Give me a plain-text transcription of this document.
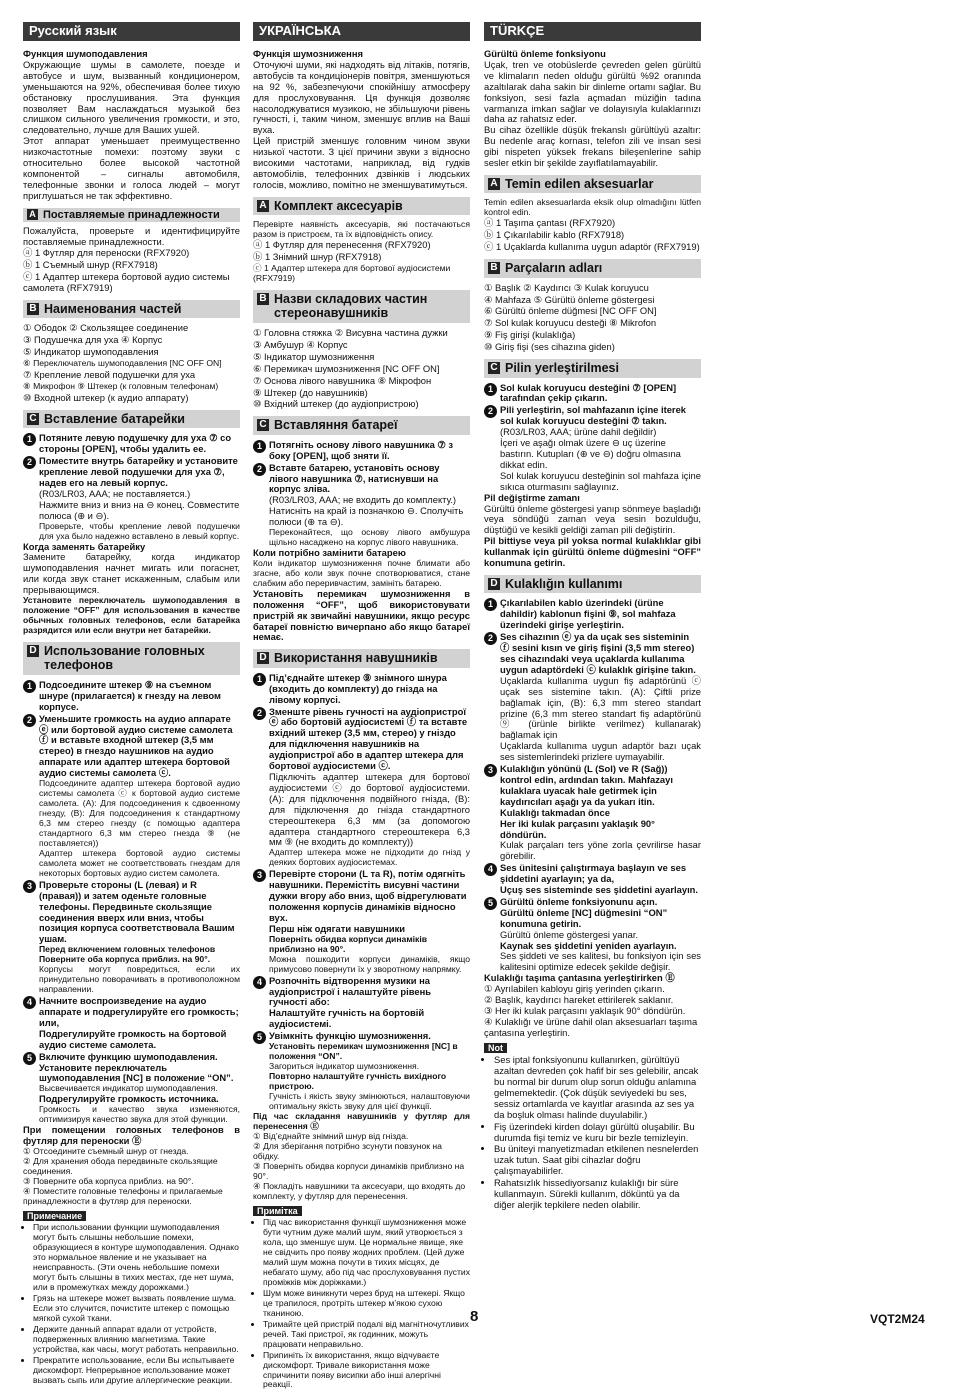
Русский язык

Функция шумоподавления

Окружающие шумы в самолете, поезде и автобусе и шум, вызванный кондиционером, уменьшаются на 92%, обеспечивая более тихую обстановку прослушивания. Эта функция позволяет Вам наслаждаться музыкой без слишком сильного увеличения громкости, и это, следовательно, лучше для Ваших ушей.

Этот аппарат уменьшает преимущественно низкочастотные помехи: поэтому звуки с относительно более высокой частотной компонентой – сигналы автомобиля, телефонные звонки и голоса людей – могут приглушаться не так эффективно.

A Поставляемые принадлежности

Пожалуйста, проверьте и идентифицируйте поставляемые принадлежности.

ⓐ 1 Футляр для переноски (RFX7920)
ⓑ 1 Съемный шнур (RFX7918)
ⓒ 1 Адаптер штекера бортовой аудио системы самолета (RFX7919)
B Наименования частей
① Ободок ② Скользящее соединение
③ Подушечка для уха ④ Корпус
⑤ Индикатор шумоподавления
⑥ Переключатель шумоподавления [NC OFF ON]
⑦ Крепление левой подушечки для уха
⑧ Микрофон ⑨ Штекер (к головным телефонам)
⑩ Входной штекер (к аудио аппарату)
C Вставление батарейки
1 Потяните левую подушечку для уха ⑦ со стороны [OPEN], чтобы удалить ее.
2 Поместите внутрь батарейку и установите крепление левой подушечки для уха ⑦, надев его на левый корпус.
(R03/LR03, AAA; не поставляется.)
Нажмите вниз и вниз на ⊖ конец. Совместите полюса (⊕ и ⊖).

Проверьте, чтобы крепление левой подушечки для уха было надежно вставлено в левый корпус.

Когда заменять батарейку

Замените батарейку, когда индикатор шумоподавления начнет мигать или погаснет, или когда звук станет искаженным, слабым или прерывающимся.

Установите переключатель шумоподавления в положение “OFF” для использования в качестве обычных головных телефонов, если батарейка разрядится или если внутри нет батарейки.

D Использование головных телефонов
1 Подсоедините штекер ⑨ на съемном шнуре (прилагается) к гнезду на левом корпусе.
2 Уменьшите громкость на аудио аппарате ⓔ или бортовой аудио системе самолета ⓕ и вставьте входной штекер (3,5 мм стерео) в гнездо наушников на аудио аппарате или адаптер штекера бортовой аудио системы самолета ⓒ.

Подсоедините адаптер штекера бортовой аудио системы самолета ⓒ к бортовой аудио системе самолета. (A): Для подсоединения к сдвоенному гнезду, (B): Для подсоединения к стандартному 6,3 мм стерео гнезду (с помощью адаптера стандартного 6,3 мм стерео гнезда ⑨ (не поставляется))

Адаптер штекера бортовой аудио системы самолета может не соответствовать гнездам для некоторых бортовых аудио систем самолета.

3 Проверьте стороны (L (левая) и R (правая)) и затем оденьте головные телефоны. Передвиньте скользящие соединения вверх или вниз, чтобы позиция корпуса соответствовала Вашим ушам.
Перед включением головных телефонов
Поверните оба корпуса приблиз. на 90°.

Корпусы могут повредиться, если их принудительно поворачивать в противоположном направлении.

4 Начните воспроизведение на аудио аппарате и подрегулируйте его громкость; или,
Подрегулируйте громкость на бортовой аудио системе самолета.
5 Включите функцию шумоподавления.
Установите переключатель шумоподавления [NC] в положение “ON”.
Высвечивается индикатор шумоподавления.
Подрегулируйте громкость источника.

Громкость и качество звука изменяются, оптимизируя качество звука для этой функции.

При помещении головных телефонов в футляр для переноски Ⓔ

① Отсоедините съемный шнур от гнезда.
② Для хранения обода передвиньте скользящие соединения.
③ Поверните оба корпуса приблиз. на 90°.
④ Поместите головные телефоны и прилагаемые принадлежности в футляр для переноски.
Примечание
• При использовании функции шумоподавления могут быть слышны небольшие помехи, образующиеся в контуре шумоподавления. Однако это нормальное явление и не указывает на неисправность. (Эти очень небольшие помехи могут быть слышны в тихих местах, где нет шума, или в промежутках между дорожками.)
• Грязь на штекере может вызвать появление шума. Если это случится, почистите штекер с помощью мягкой сухой ткани.
• Держите данный аппарат вдали от устройств, подверженных влиянию магнетизма. Такие устройства, как часы, могут работать неправильно.
• Прекратите использование, если Вы испытываете дискомфорт. Непрерывное использование может вызвать сыпь или другие аллергические реакции.
УКРАЇНСЬКА

Функція шумозниження

Оточуючі шуми, які надходять від літаків, потягів, автобусів та кондиціонерів повітря, зменшуються на 92 %, забезпечуючи спокійнішу атмосферу для прослуховування. Ця функція дозволяє насолоджуватися музикою, не збільшуючи рівень гучності, і, таким чином, зменшує вплив на Ваші вуха.

Цей пристрій зменшує головним чином звуки низької частоти. З цієї причини звуки з відносно високими частотами, наприклад, від гудків автомобілів, телефонних дзвінків і людських голосів, можливо, помітно не зменшуватимуться.

A Комплект аксесуарів

Перевірте наявність аксесуарів, які постачаються разом із пристроєм, та їх відповідність опису.

ⓐ 1 Футляр для перенесення (RFX7920)
ⓑ 1 Знімний шнур (RFX7918)
ⓒ 1 Адаптер штекера для бортової аудіосистеми (RFX7919)
B Назви складових частин стереонавушників
① Головна стяжка ② Висувна частина дужки
③ Амбушур ④ Корпус
⑤ Індикатор шумозниження
⑥ Перемикач шумозниження [NC OFF ON]
⑦ Основа лівого навушника ⑧ Мікрофон
⑨ Штекер (до навушників)
⑩ Вхідний штекер (до аудіопристрою)
C Вставляння батареї
1 Потягніть основу лівого навушника ⑦ з боку [OPEN], щоб зняти її.
2 Вставте батарею, установіть основу лівого навушника ⑦, натиснувши на корпус зліва.
(R03/LR03, AAA; не входить до комплекту.)
Натисніть на край із позначкою ⊖. Сполучіть полюси (⊕ та ⊖).

Переконайтеся, що основу лівого амбушура щільно насаджено на корпус лівого навушника.

Коли потрібно замінити батарею

Коли індикатор шумозниження почне блимати або згасне, або коли звук почне спотворюватися, стане слабким або переривчастим, замініть батарею.

Установіть перемикач шумозниження в положення “OFF”, щоб використовувати пристрій як звичайні навушники, якщо ресурс батареї повністю вичерпано або якщо батареї немає.

D Використання навушників
1 Під’єднайте штекер ⑨ знімного шнура (входить до комплекту) до гнізда на лівому корпусі.
2 Зменште рівень гучності на аудіопристрої ⓔ або бортовій аудіосистемі ⓕ та вставте вхідний штекер (3,5 мм, стерео) у гніздо для підключення навушників на аудіопристрої або в адаптер штекера для бортової аудіосистеми ⓒ.

Підключіть адаптер штекера для бортової аудіосистеми ⓒ до бортової аудіосистеми. (A): для підключення подвійного гнізда, (B): для підключення до гнізда стандартного стереоштекера 6,3 мм (за допомогою адаптера стандартного стереоштекера 6,3 мм ⑨ (не входить до комплекту))

Адаптер штекера може не підходити до гнізд у деяких бортових аудіосистемах.

3 Перевірте сторони (L та R), потім одягніть навушники. Перемістіть висувні частини дужки вгору або вниз, щоб відрегулювати положення корпусів динаміків відносно вух.
Перш ніж одягати навушники
Поверніть обидва корпуси динаміків приблизно на 90°.

Можна пошкодити корпуси динаміків, якщо примусово повернути їх у зворотному напрямку.

4 Розпочніть відтворення музики на аудіопристрої і налаштуйте рівень гучності або:
Налаштуйте гучність на бортовій аудіосистемі.
5 Увімкніть функцію шумозниження.
Установіть перемикач шумозниження [NC] в положення “ON”.
Загориться індикатор шумозниження.
Повторно налаштуйте гучність вихідного пристрою.

Гучність і якість звуку змінюються, налаштовуючи оптимальну якість звуку для цієї функції.

Під час складання навушників у футляр для перенесення Ⓔ

① Від’єднайте знімний шнур від гнізда.
② Для зберігання потрібно зсунути повзунок на обідку.
③ Поверніть обидва корпуси динаміків приблизно на 90°.
④ Покладіть навушники та аксесуари, що входять до комплекту, у футляр для перенесення.
Примітка
• Під час використання функції шумозниження може бути чутним дуже малий шум, який утворюється з кола, що зменшує шум. Це нормальне явище, яке не свідчить про появу жодних проблем. (Цей дуже малий шум можна почути в тихих місцях, де небагато шуму, або під час прослуховування пустих проміжків між доріжками.)
• Шум може виникнути через бруд на штекері. Якщо це трапилося, протріть штекер м’якою сухою тканиною.
• Тримайте цей пристрій подалі від магнітночутливих речей. Такі пристрої, як годинник, можуть працювати неправильно.
• Припиніть їх використання, якщо відчуваєте дискомфорт. Тривале використання може спричинити появу висипки або інші алергічні реакції.
TÜRKÇE

Gürültü önleme fonksiyonu

Uçak, tren ve otobüslerde çevreden gelen gürültü ve klimaların neden olduğu gürültü %92 oranında azaltılarak daha sakin bir dinleme ortamı sağlar. Bu fonksiyon, sesi fazla açmadan müziğin tadına varmanıza imkan sağlar ve dolayısıyla kulaklarınızı daha az rahatsız eder.

Bu cihaz özellikle düşük frekanslı gürültüyü azaltır: Bu nedenle araç kornası, telefon zili ve insan sesi gibi nispeten yüksek frekans bileşenlerine sahip sesler etkin bir şekilde zayıflatılamayabilir.

A Temin edilen aksesuarlar

Temin edilen aksesuarlarda eksik olup olmadığını lütfen kontrol edin.

ⓐ 1 Taşıma çantası (RFX7920)
ⓑ 1 Çıkarılabilir kablo (RFX7918)
ⓒ 1 Uçaklarda kullanıma uygun adaptör (RFX7919)
B Parçaların adları
① Başlık ② Kaydırıcı ③ Kulak koruyucu
④ Mahfaza ⑤ Gürültü önleme göstergesi
⑥ Gürültü önleme düğmesi [NC OFF ON]
⑦ Sol kulak koruyucu desteği ⑧ Mikrofon
⑨ Fiş girişi (kulaklığa)
⑩ Giriş fişi (ses cihazına giden)
C Pilin yerleştirilmesi
1 Sol kulak koruyucu desteğini ⑦ [OPEN] tarafından çekip çıkarın.
2 Pili yerleştirin, sol mahfazanın içine iterek sol kulak koruyucu desteğini ⑦ takın.
(R03/LR03, AAA; ürüne dahil değildir)
İçeri ve aşağı olmak üzere ⊖ uç üzerine bastırın. Kutupları (⊕ ve ⊖) doğru olmasına dikkat edin.

Sol kulak koruyucu desteğinin sol mahfaza içine sıkıca oturmasını sağlayınız.

Pil değiştirme zamanı

Gürültü önleme göstergesi yanıp sönmeye başladığı veya söndüğü zaman veya sesin bozulduğu, düştüğü ve kesikli geldiği zaman pili değiştirin.

Pil bittiyse veya pil yoksa normal kulaklıklar gibi kullanmak için gürültü önleme düğmesini “OFF” konumuna getirin.

D Kulaklığın kullanımı
1 Çıkarılabilen kablo üzerindeki (ürüne dahildir) kablonun fişini ⑨, sol mahfaza üzerindeki girişe yerleştirin.
2 Ses cihazının ⓔ ya da uçak ses sisteminin ⓕ sesini kısın ve giriş fişini (3,5 mm stereo) ses cihazındaki veya uçaklarda kullanıma uygun adaptördeki ⓒ kulaklık girişine takın.

Uçaklarda kullanıma uygun fiş adaptörünü ⓒ uçak ses sistemine takın. (A): Çiftli prize bağlamak için, (B): 6,3 mm stereo standart prizine (6,3 mm stereo standart fiş adaptörünü ⑨ (ürünle birlikte verilmez) kullanarak) bağlamak için

Uçaklarda kullanıma uygun adaptör bazı uçak ses sistemlerindeki prizlere uymayabilir.

3 Kulaklığın yönünü (L (Sol) ve R (Sağ)) kontrol edin, ardından takın. Mahfazayı kulaklara uyacak hale getirmek için kaydırıcıları aşağı ya da yukarı itin.
Kulaklığı takmadan önce
Her iki kulak parçasını yaklaşık 90° döndürün.

Kulak parçaları ters yöne zorla çevrilirse hasar görebilir.

4 Ses ünitesini çalıştırmaya başlayın ve ses şiddetini ayarlayın; ya da,
Uçuş ses sisteminde ses şiddetini ayarlayın.
5 Gürültü önleme fonksiyonunu açın.
Gürültü önleme [NC] düğmesini “ON” konumuna getirin.
Gürültü önleme göstergesi yanar.
Kaynak ses şiddetini yeniden ayarlayın.

Ses şiddeti ve ses kalitesi, bu fonksiyon için ses kalitesini optimize edecek şekilde değişir.

Kulaklığı taşıma çantasına yerleştirirken Ⓔ

① Ayrılabilen kabloyu giriş yerinden çıkarın.
② Başlık, kaydırıcı hareket ettirilerek saklanır.
③ Her iki kulak parçasını yaklaşık 90° döndürün.
④ Kulaklığı ve ürüne dahil olan aksesuarları taşıma çantasına yerleştirin.
Not
• Ses iptal fonksiyonunu kullanırken, gürültüyü azaltan devreden çok hafif bir ses gelebilir, ancak bu normal bir durum olup sorun olduğu anlamına gelmemektedir. (Çok düşük seviyedeki bu ses, sessiz ortamlarda ve kayıtlar arasında az ses ya da boşluk olması halinde duyulabilir.)
• Fiş üzerindeki kirden dolayı gürültü oluşabilir. Bu durumda fişi temiz ve kuru bir bezle temizleyin.
• Bu üniteyi manyetizmadan etkilenen nesnelerden uzak tutun. Saat gibi cihazlar doğru çalışmayabilirler.
• Rahatsızlık hissediyorsanız kulaklığı bir süre kullanmayın. Sürekli kullanım, döküntü ya da diğer alerjik tepkilere neden olabilir.
8	VQT2M24
